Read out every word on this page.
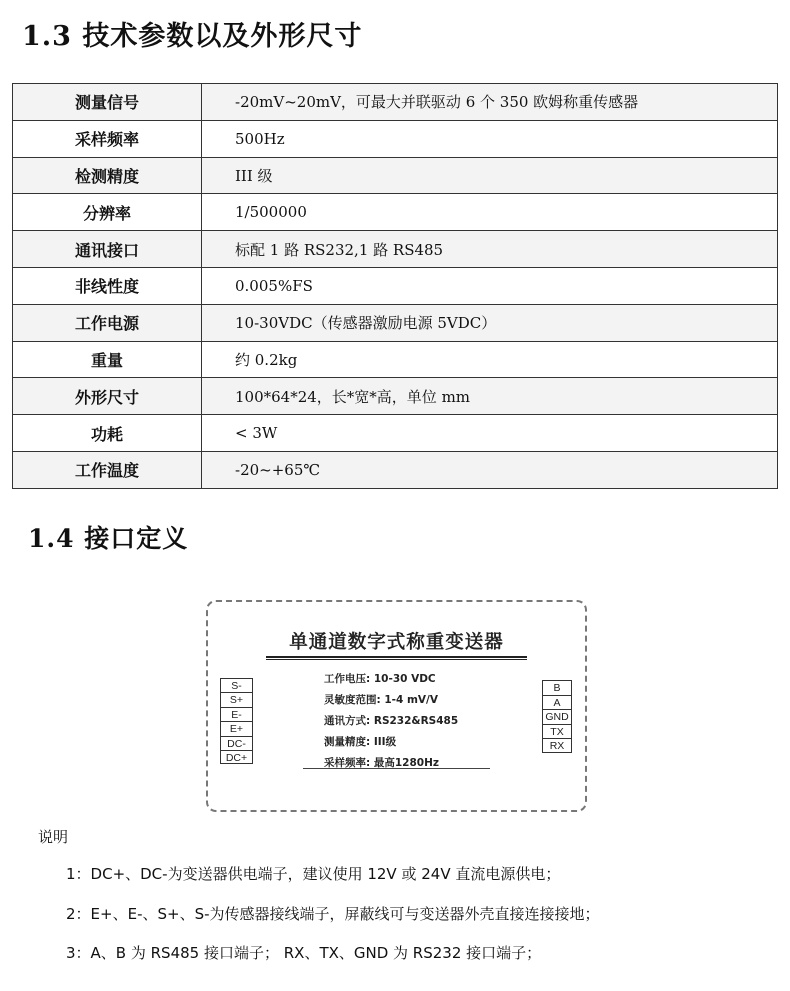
1.3 技术参数以及外形尺寸
测量信号	-20mV~20mV，可最大并联驱动 6 个 350 欧姆称重传感器
采样频率	500Hz
检测精度	III 级
分辨率	1/500000
通讯接口	标配 1 路 RS232,1 路 RS485
非线性度	0.005%FS
工作电源	10-30VDC（传感器激励电源 5VDC）
重量	约 0.2kg
外形尺寸	100*64*24，长*宽*高，单位 mm
功耗	< 3W
工作温度	-20~+65℃
1.4 接口定义
单通道数字式称重变送器
工作电压: 10-30 VDC
灵敏度范围: 1-4 mV/V
通讯方式: RS232&RS485
测量精度: III级
采样频率: 最高1280Hz
S-
S+
E-
E+
DC-
DC+
B
A
GND
TX
RX
说明
1：DC+、DC-为变送器供电端子，建议使用 12V 或 24V 直流电源供电；
2：E+、E-、S+、S-为传感器接线端子，屏蔽线可与变送器外壳直接连接接地；
3：A、B 为 RS485 接口端子； RX、TX、GND 为 RS232 接口端子；
